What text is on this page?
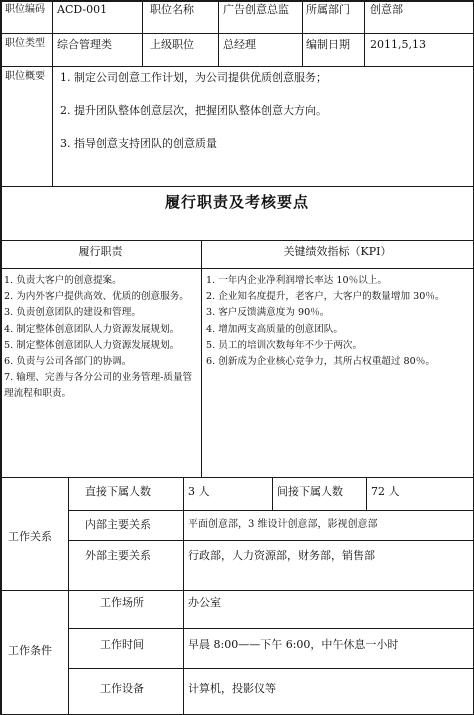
职位编码	ACD-001	职位名称	广告创意总监 所属部门 创意部
职位类型	综合管理类	上级职位	总经理	编制日期 2011,5,13
职位概要	1. 制定公司创意工作计划，为公司提供优质创意服务；
2. 提升团队整体创意层次，把握团队整体创意大方向。
3. 指导创意支持团队的创意质量
履行职责及考核要点
履行职责	关键绩效指标（KPI）
1. 负责大客户的创意提案。
2. 为内外客户提供高效、优质的创意服务。
3. 负责创意团队的建设和管理。
4. 制定整体创意团队人力资源发展规划。
5. 制定整体创意团队人力资源发展规划。
6. 负责与公司各部门的协调。
7. 输理、完善与各分公司的业务管理-质量管理流程和职责。
1. 一年内企业净利润增长率达 10％以上。
2. 企业知名度提升，老客户，大客户的数量增加 30％。
3. 客户反馈满意度为 90％。
4. 增加两支高质量的创意团队。
5. 员工的培训次数每年不少于两次。
6. 创新成为企业核心竞争力，其所占权重超过 80％。
工作关系
直接下属人数	3 人	间接下属人数	72 人
内部主要关系	平面创意部，3 维设计创意部，影视创意部
外部主要关系	行政部，人力资源部，财务部，销售部
工作条件
工作场所	办公室
工作时间	早晨 8:00——下午 6:00，中午休息一小时
工作设备	计算机，投影仪等
